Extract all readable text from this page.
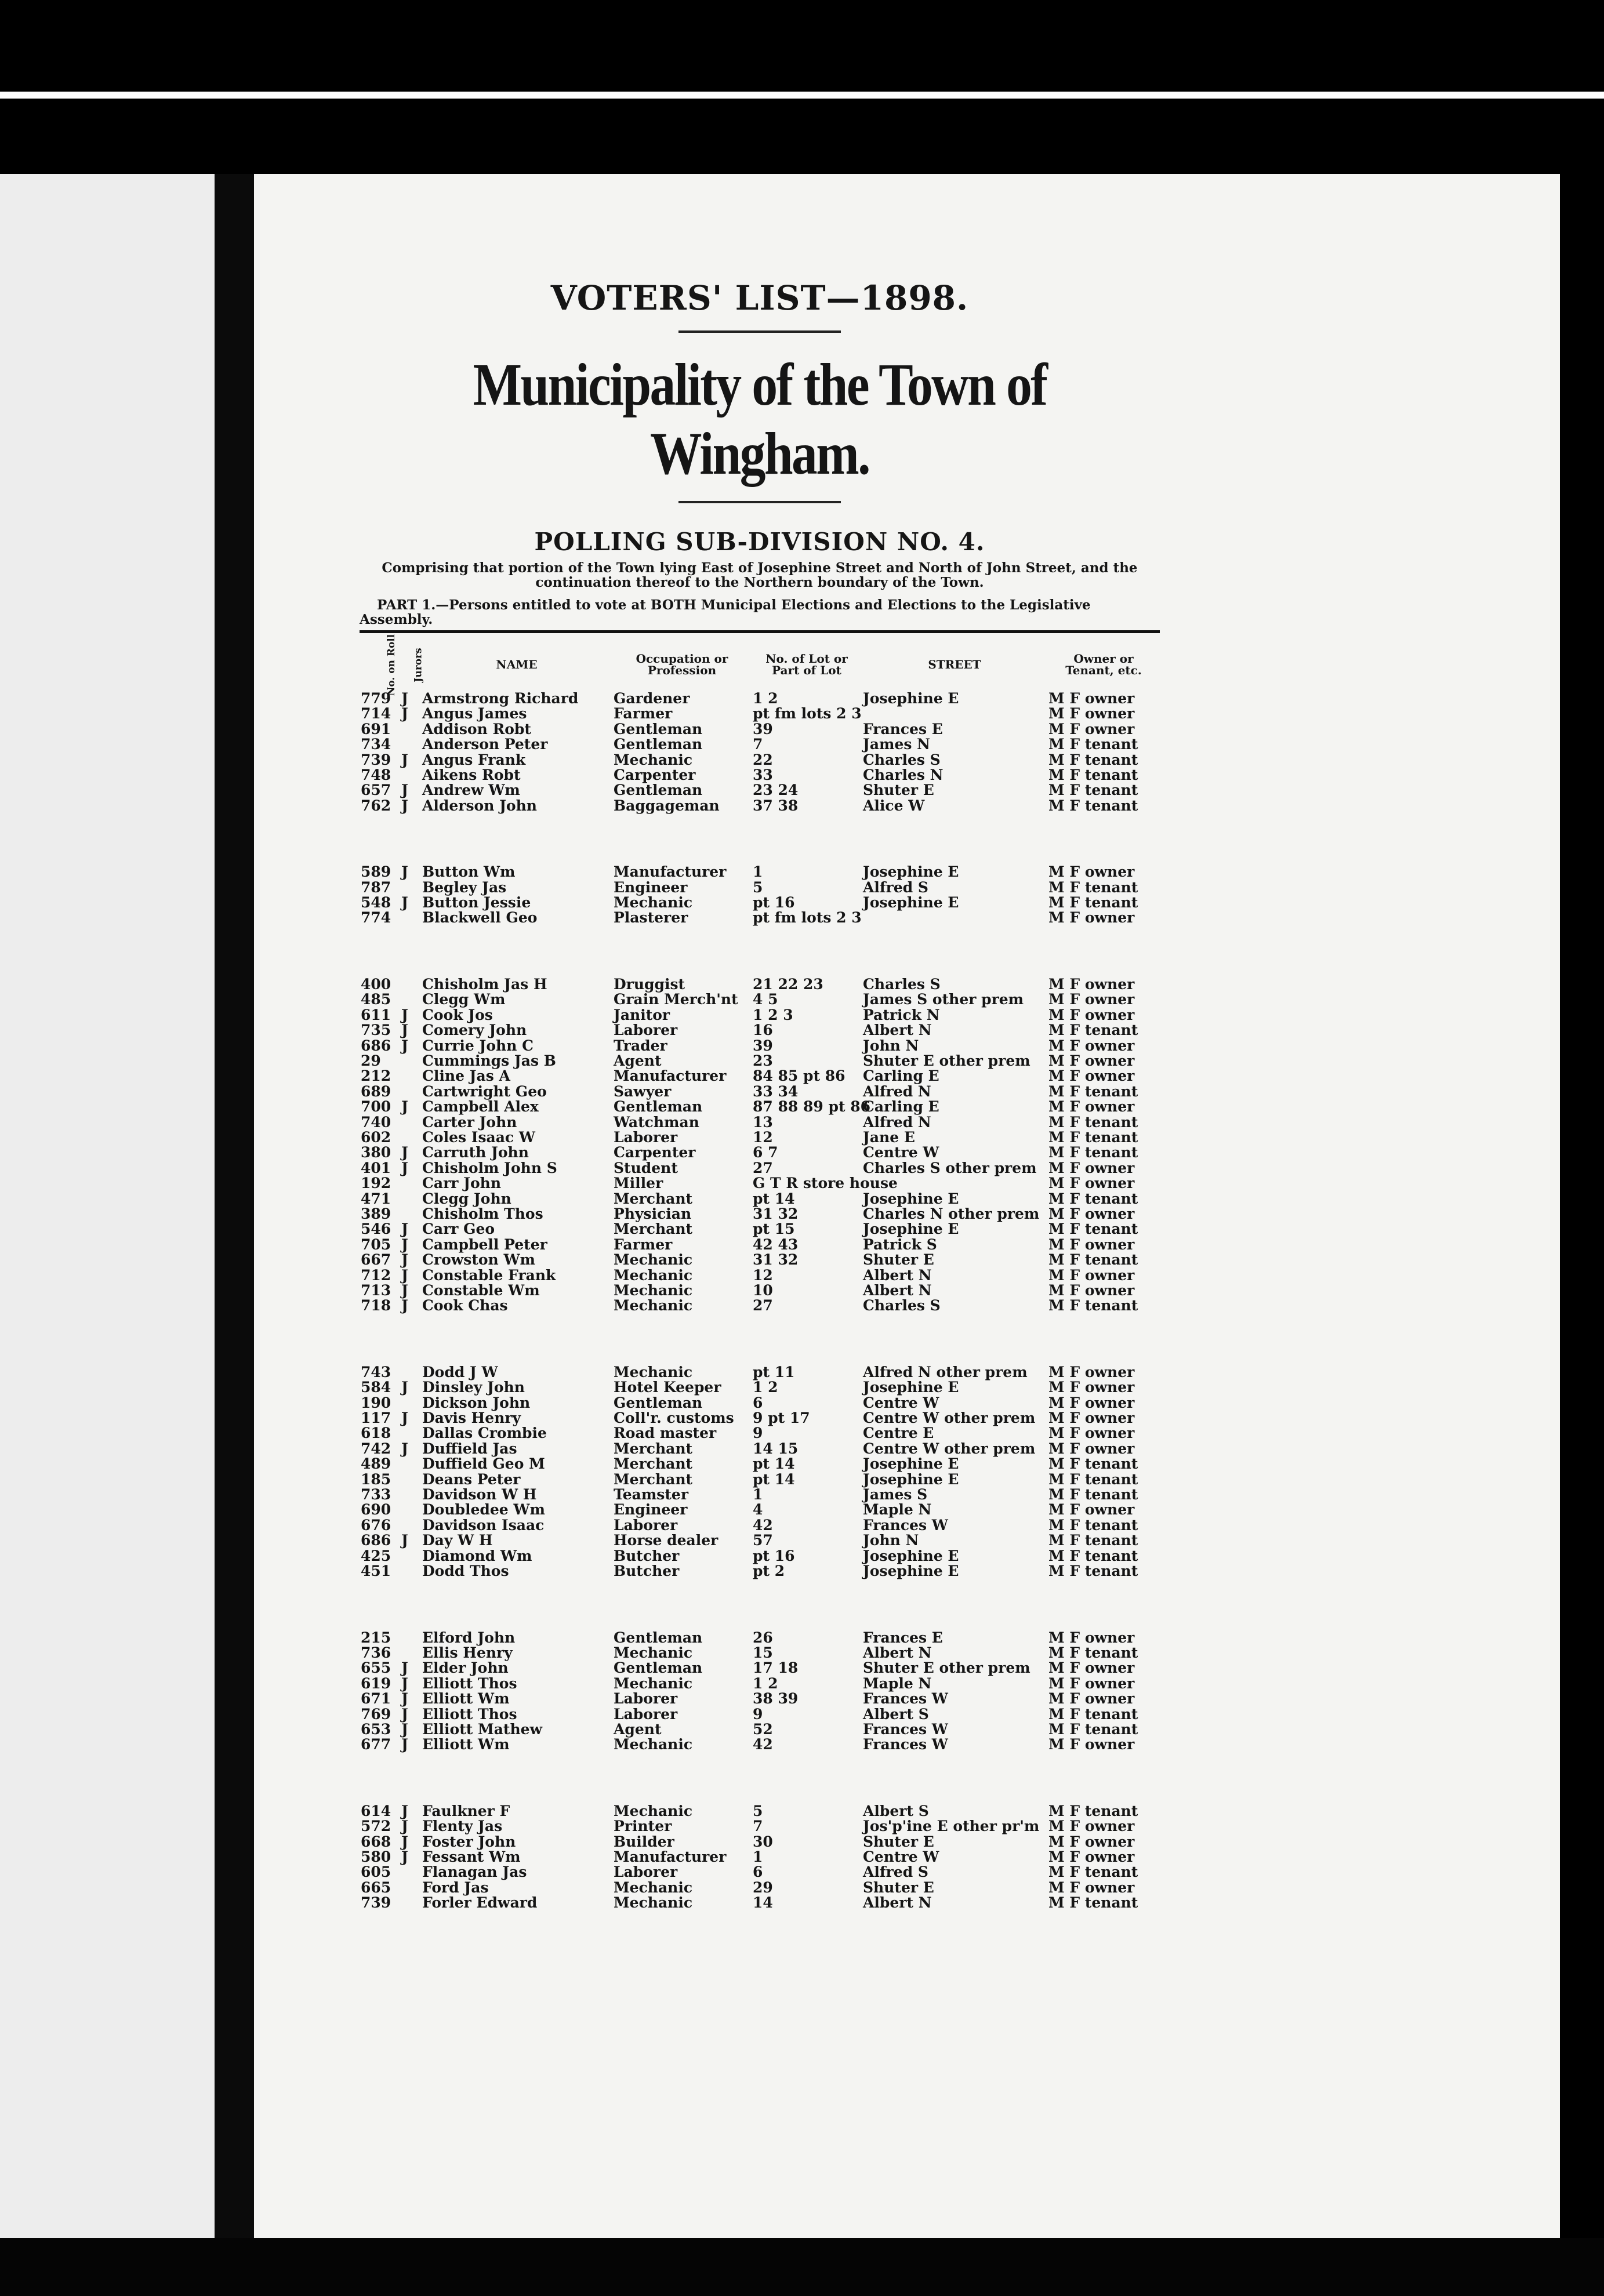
VOTERS' LIST—1898.
Municipality of the Town of Wingham.
POLLING SUB-DIVISION NO. 4.
Comprising that portion of the Town lying East of Josephine Street and North of John Street, and the continuation thereof to the Northern boundary of the Town.
PART 1.—Persons entitled to vote at BOTH Municipal Elections and Elections to the Legislative Assembly.
No. on Roll	Jurors	NAME	Occupation or Profession	No. of Lot or Part of Lot	STREET	Owner or Tenant, etc.
779	J	Armstrong Richard	Gardener	1 2	Josephine E	M F owner
714	J	Angus James	Farmer	pt fm lots 2 3		M F owner
691		Addison Robt	Gentleman	39	Frances E	M F owner
734		Anderson Peter	Gentleman	7	James N	M F tenant
739	J	Angus Frank	Mechanic	22	Charles S	M F tenant
748		Aikens Robt	Carpenter	33	Charles N	M F tenant
657	J	Andrew Wm	Gentleman	23 24	Shuter E	M F tenant
762	J	Alderson John	Baggageman	37 38	Alice W	M F tenant

589	J	Button Wm	Manufacturer	1	Josephine E	M F owner
787		Begley Jas	Engineer	5	Alfred S	M F tenant
548	J	Button Jessie	Mechanic	pt 16	Josephine E	M F tenant
774		Blackwell Geo	Plasterer	pt fm lots 2 3		M F owner

400		Chisholm Jas H	Druggist	21 22 23	Charles S	M F owner
485		Clegg Wm	Grain Merch'nt	4 5	James S other prem	M F owner
611	J	Cook Jos	Janitor	1 2 3	Patrick N	M F owner
735	J	Comery John	Laborer	16	Albert N	M F tenant
686	J	Currie John C	Trader	39	John N	M F owner
29		Cummings Jas B	Agent	23	Shuter E other prem	M F owner
212		Cline Jas A	Manufacturer	84 85 pt 86	Carling E	M F owner
689		Cartwright Geo	Sawyer	33 34	Alfred N	M F tenant
700	J	Campbell Alex	Gentleman	87 88 89 pt 86	Carling E	M F owner
740		Carter John	Watchman	13	Alfred N	M F tenant
602		Coles Isaac W	Laborer	12	Jane E	M F tenant
380	J	Carruth John	Carpenter	6 7	Centre W	M F tenant
401	J	Chisholm John S	Student	27	Charles S other prem	M F owner
192		Carr John	Miller	G T R store house		M F owner
471		Clegg John	Merchant	pt 14	Josephine E	M F tenant
389		Chisholm Thos	Physician	31 32	Charles N other prem	M F owner
546	J	Carr Geo	Merchant	pt 15	Josephine E	M F tenant
705	J	Campbell Peter	Farmer	42 43	Patrick S	M F owner
667	J	Crowston Wm	Mechanic	31 32	Shuter E	M F tenant
712	J	Constable Frank	Mechanic	12	Albert N	M F owner
713	J	Constable Wm	Mechanic	10	Albert N	M F owner
718	J	Cook Chas	Mechanic	27	Charles S	M F tenant

743		Dodd J W	Mechanic	pt 11	Alfred N other prem	M F owner
584	J	Dinsley John	Hotel Keeper	1 2	Josephine E	M F owner
190		Dickson John	Gentleman	6	Centre W	M F owner
117	J	Davis Henry	Coll'r. customs	9 pt 17	Centre W other prem	M F owner
618		Dallas Crombie	Road master	9	Centre E	M F owner
742	J	Duffield Jas	Merchant	14 15	Centre W other prem	M F owner
489		Duffield Geo M	Merchant	pt 14	Josephine E	M F tenant
185		Deans Peter	Merchant	pt 14	Josephine E	M F tenant
733		Davidson W H	Teamster	1	James S	M F tenant
690		Doubledee Wm	Engineer	4	Maple N	M F owner
676		Davidson Isaac	Laborer	42	Frances W	M F tenant
686	J	Day W H	Horse dealer	57	John N	M F tenant
425		Diamond Wm	Butcher	pt 16	Josephine E	M F tenant
451		Dodd Thos	Butcher	pt 2	Josephine E	M F tenant

215		Elford John	Gentleman	26	Frances E	M F owner
736		Ellis Henry	Mechanic	15	Albert N	M F tenant
655	J	Elder John	Gentleman	17 18	Shuter E other prem	M F owner
619	J	Elliott Thos	Mechanic	1 2	Maple N	M F owner
671	J	Elliott Wm	Laborer	38 39	Frances W	M F owner
769	J	Elliott Thos	Laborer	9	Albert S	M F tenant
653	J	Elliott Mathew	Agent	52	Frances W	M F tenant
677	J	Elliott Wm	Mechanic	42	Frances W	M F owner

614	J	Faulkner F	Mechanic	5	Albert S	M F tenant
572	J	Flenty Jas	Printer	7	Jos'p'ine E other pr'm	M F owner
668	J	Foster John	Builder	30	Shuter E	M F owner
580	J	Fessant Wm	Manufacturer	1	Centre W	M F owner
605		Flanagan Jas	Laborer	6	Alfred S	M F tenant
665		Ford Jas	Mechanic	29	Shuter E	M F owner
739		Forler Edward	Mechanic	14	Albert N	M F tenant
